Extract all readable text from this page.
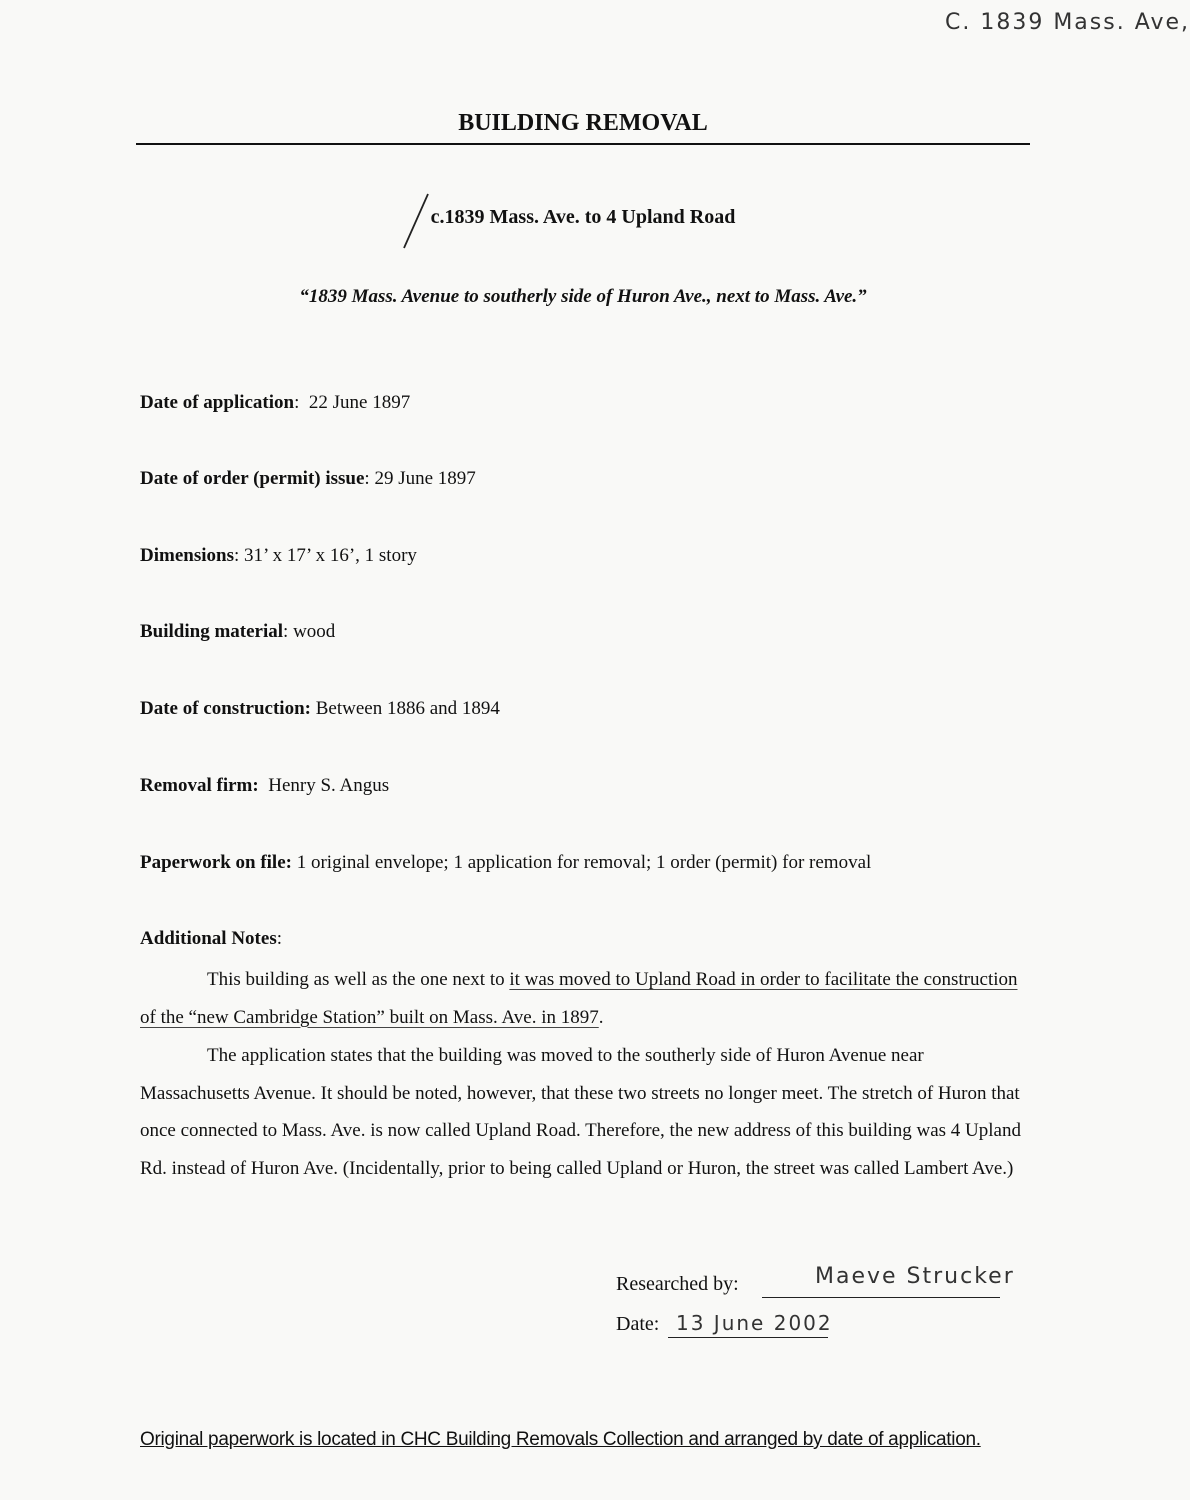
C. 1839 Mass. Ave,
BUILDING REMOVAL
c.1839 Mass. Ave. to 4 Upland Road
“1839 Mass. Avenue to southerly side of Huron Ave., next to Mass. Ave.”
Date of application:  22 June 1897
Date of order (permit) issue: 29 June 1897
Dimensions: 31’ x 17’ x 16’, 1 story
Building material: wood
Date of construction: Between 1886 and 1894
Removal firm: Henry S. Angus
Paperwork on file: 1 original envelope; 1 application for removal; 1 order (permit) for removal
Additional Notes:
This building as well as the one next to it was moved to Upland Road in order to facilitate the construction of the “new Cambridge Station” built on Mass. Ave. in 1897.
The application states that the building was moved to the southerly side of Huron Avenue near Massachusetts Avenue. It should be noted, however, that these two streets no longer meet. The stretch of Huron that once connected to Mass. Ave. is now called Upland Road. Therefore, the new address of this building was 4 Upland Rd. instead of Huron Ave. (Incidentally, prior to being called Upland or Huron, the street was called Lambert Ave.)
Researched by:	Maeve Strucker
Date: 13 June 2002
Original paperwork is located in CHC Building Removals Collection and arranged by date of application.
